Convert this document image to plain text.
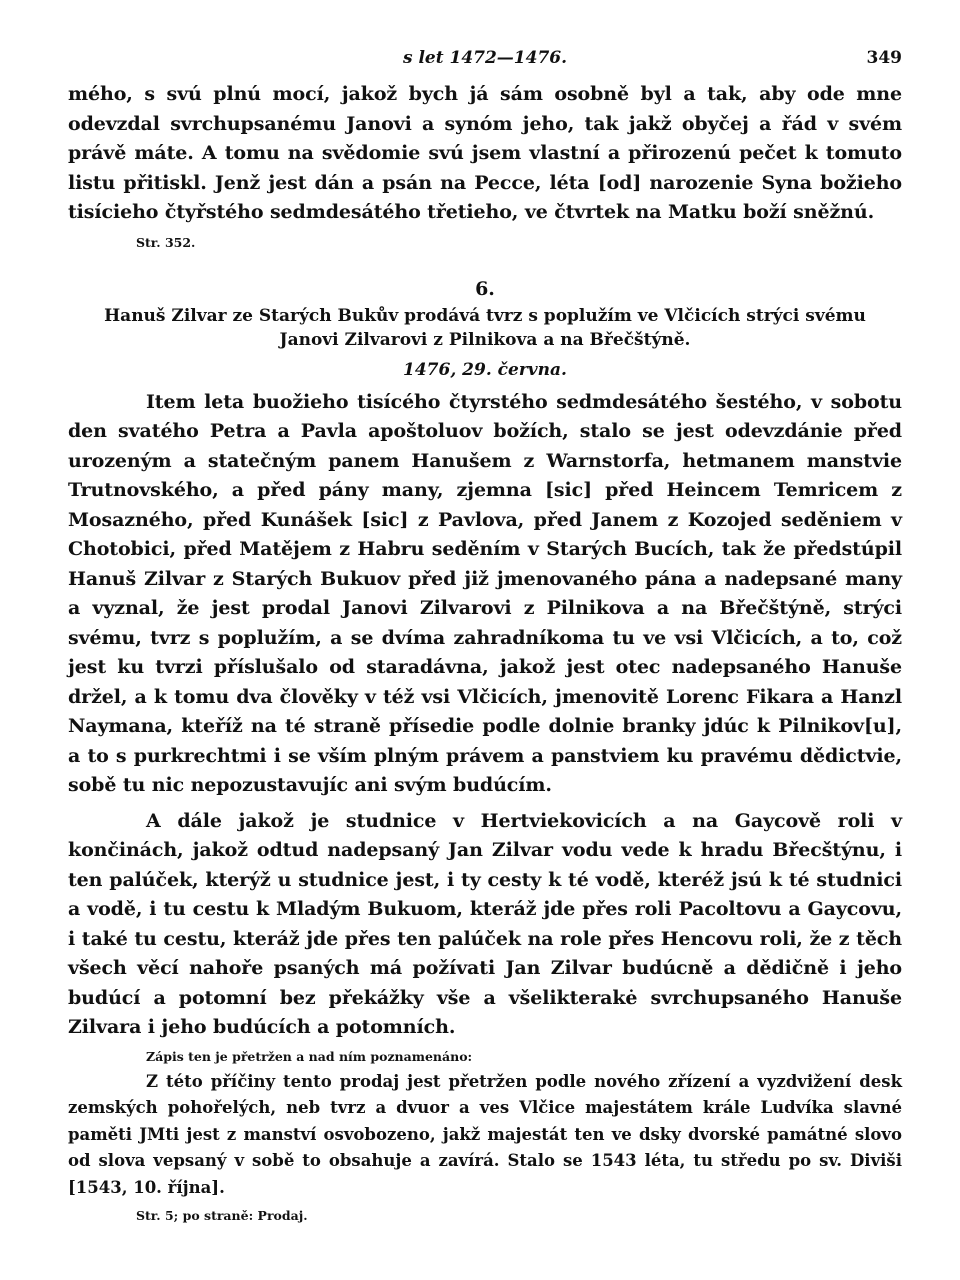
s let 1472—1476.	349

mého, s svú plnú mocí, jakož bych já sám osobně byl a tak, aby ode mne odevzdal svrchupsanému Janovi a synóm jeho, tak jakž obyčej a řád v svém právě máte. A tomu na svědomie svú jsem vlastní a přirozenú pečet k tomuto listu přitiskl. Jenž jest dán a psán na Pecce, léta [od] narozenie Syna božieho tisícieho čtyřstého sedmdesátého třetieho, ve čtvrtek na Matku boží sněžnú.

Str. 352.
6.
Hanuš Zilvar ze Starých Bukův prodává tvrz s poplužím ve Vlčicích strýci svému Janovi Zilvarovi z Pilnikova a na Břečštýně.
1476, 29. června.

Item leta buožieho tisícého čtyrstého sedmdesátého šestého, v sobotu den svatého Petra a Pavla apoštoluov božích, stalo se jest odevzdánie před urozeným a statečným panem Hanušem z Warnstorfa, hetmanem manstvie Trutnovského, a před pány many, zjemna [sic] před Heincem Temricem z Mosazného, před Kunášek [sic] z Pavlova, před Janem z Kozojed seděniem v Chotobici, před Matějem z Habru seděním v Starých Bucích, tak že předstúpil Hanuš Zilvar z Starých Bukuov před již jmenovaného pána a nadepsané many a vyznal, že jest prodal Janovi Zilvarovi z Pilnikova a na Břečštýně, strýci svému, tvrz s poplužím, a se dvíma zahradníkoma tu ve vsi Vlčicích, a to, což jest ku tvrzi příslušalo od staradávna, jakož jest otec nadepsaného Hanuše držel, a k tomu dva člověky v též vsi Vlčicích, jmenovitě Lorenc Fikara a Hanzl Naymana, kteříž na té straně přísedie podle dolnie branky jdúc k Pilnikov[u], a to s purkrechtmi i se vším plným právem a panstviem ku pravému dědictvie, sobě tu nic nepozustavujíc ani svým budúcím.

A dále jakož je studnice v Hertviekovicích a na Gaycově roli v končinách, jakož odtud nadepsaný Jan Zilvar vodu vede k hradu Břecštýnu, i ten palúček, kterýž u studnice jest, i ty cesty k té vodě, kteréž jsú k té studnici a vodě, i tu cestu k Mladým Bukuom, kteráž jde přes roli Pacoltovu a Gaycovu, i také tu cestu, kteráž jde přes ten palúček na role přes Hencovu roli, že z těch všech věcí nahoře psaných má požívati Jan Zilvar budúcně a dědičně i jeho budúcí a potomní bez překážky vše a všelikterakė svrchupsaného Hanuše Zilvara i jeho budúcích a potomních.

Zápis ten je přetržen a nad ním poznamenáno:
Z této příčiny tento prodaj jest přetržen podle nového zřízení a vyzdvižení desk zemských pohořelých, neb tvrz a dvuor a ves Vlčice majestátem krále Ludvíka slavné paměti JMti jest z manství osvobozeno, jakž majestát ten ve dsky dvorské památné slovo od slova vepsaný v sobě to obsahuje a zavírá. Stalo se 1543 léta, tu středu po sv. Diviši [1543, 10. října].
Str. 5; po straně: Prodaj.
